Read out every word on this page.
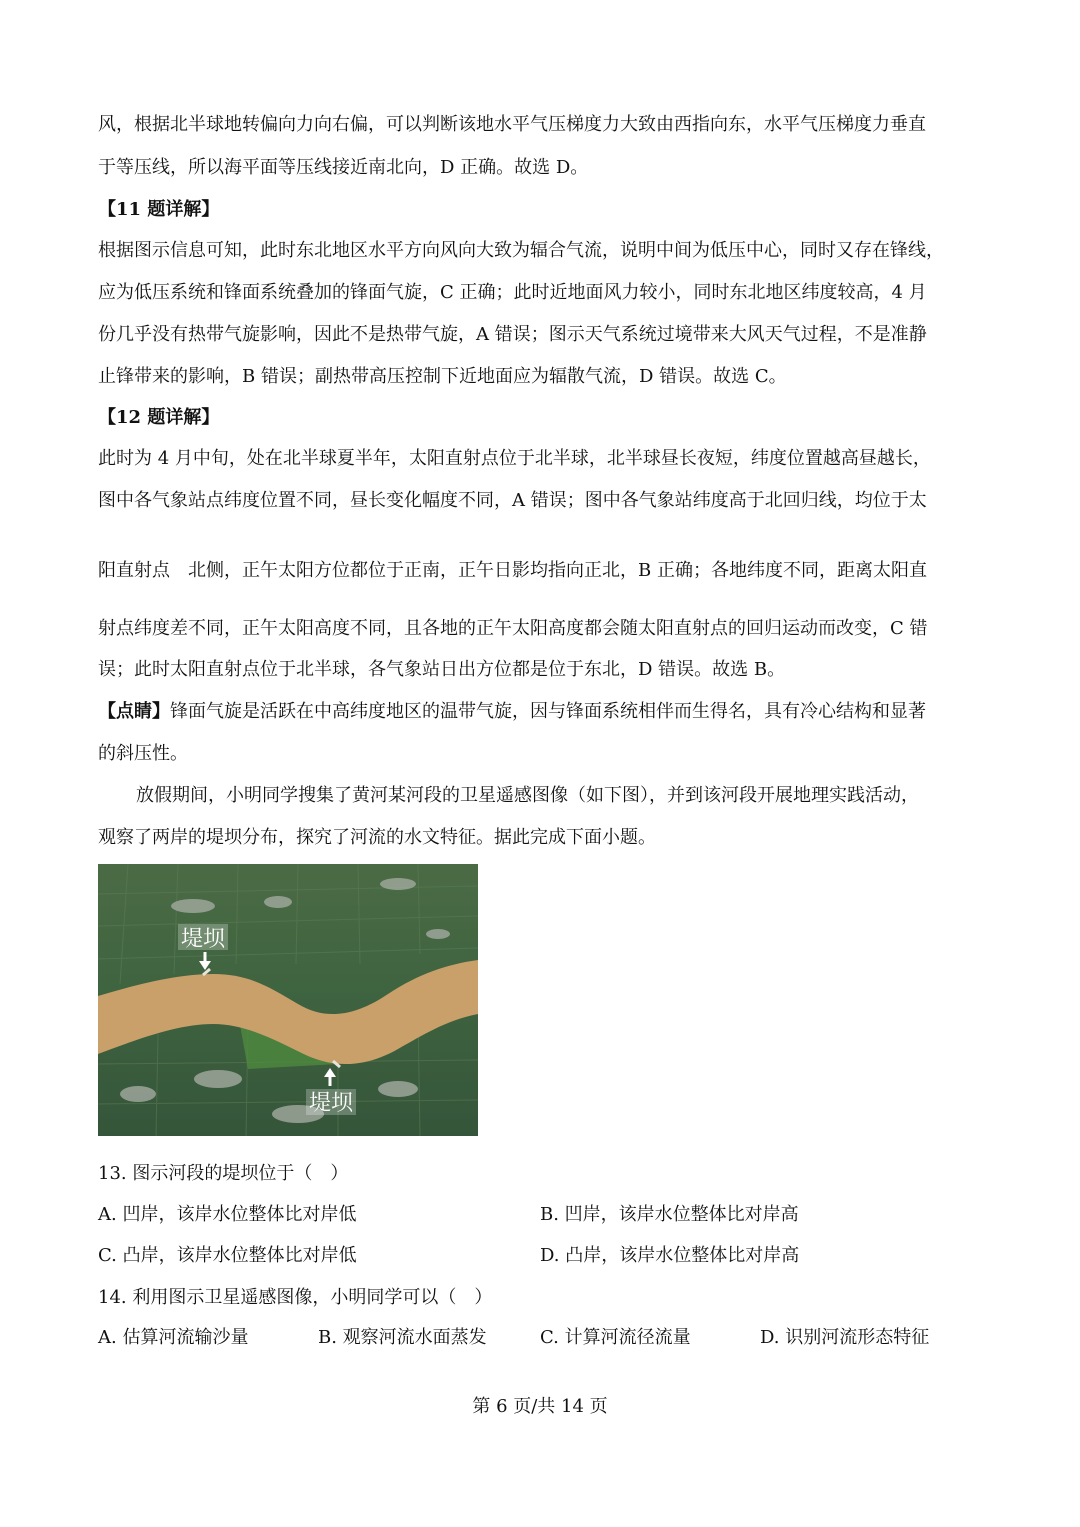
风，根据北半球地转偏向力向右偏，可以判断该地水平气压梯度力大致由西指向东，水平气压梯度力垂直
于等压线，所以海平面等压线接近南北向，D 正确。故选 D。
【11 题详解】
根据图示信息可知，此时东北地区水平方向风向大致为辐合气流，说明中间为低压中心，同时又存在锋线，
应为低压系统和锋面系统叠加的锋面气旋，C 正确；此时近地面风力较小，同时东北地区纬度较高，4 月
份几乎没有热带气旋影响，因此不是热带气旋，A 错误；图示天气系统过境带来大风天气过程，不是准静
止锋带来的影响，B 错误；副热带高压控制下近地面应为辐散气流，D 错误。故选 C。
【12 题详解】
此时为 4 月中旬，处在北半球夏半年，太阳直射点位于北半球，北半球昼长夜短，纬度位置越高昼越长，
图中各气象站点纬度位置不同，昼长变化幅度不同，A 错误；图中各气象站纬度高于北回归线，均位于太
阳直射点　北侧，正午太阳方位都位于正南，正午日影均指向正北，B 正确；各地纬度不同，距离太阳直
射点纬度差不同，正午太阳高度不同，且各地的正午太阳高度都会随太阳直射点的回归运动而改变，C 错
误；此时太阳直射点位于北半球，各气象站日出方位都是位于东北，D 错误。故选 B。
【点睛】锋面气旋是活跃在中高纬度地区的温带气旋，因与锋面系统相伴而生得名，具有冷心结构和显著
的斜压性。
放假期间，小明同学搜集了黄河某河段的卫星遥感图像（如下图），并到该河段开展地理实践活动，
观察了两岸的堤坝分布，探究了河流的水文特征。据此完成下面小题。
堤坝
堤坝
13. 图示河段的堤坝位于（　）
A. 凹岸，该岸水位整体比对岸低	B. 凹岸，该岸水位整体比对岸高
C. 凸岸，该岸水位整体比对岸低	D. 凸岸，该岸水位整体比对岸高
14. 利用图示卫星遥感图像，小明同学可以（　）
A. 估算河流输沙量	B. 观察河流水面蒸发	C. 计算河流径流量	D. 识别河流形态特征
第 6 页/共 14 页
